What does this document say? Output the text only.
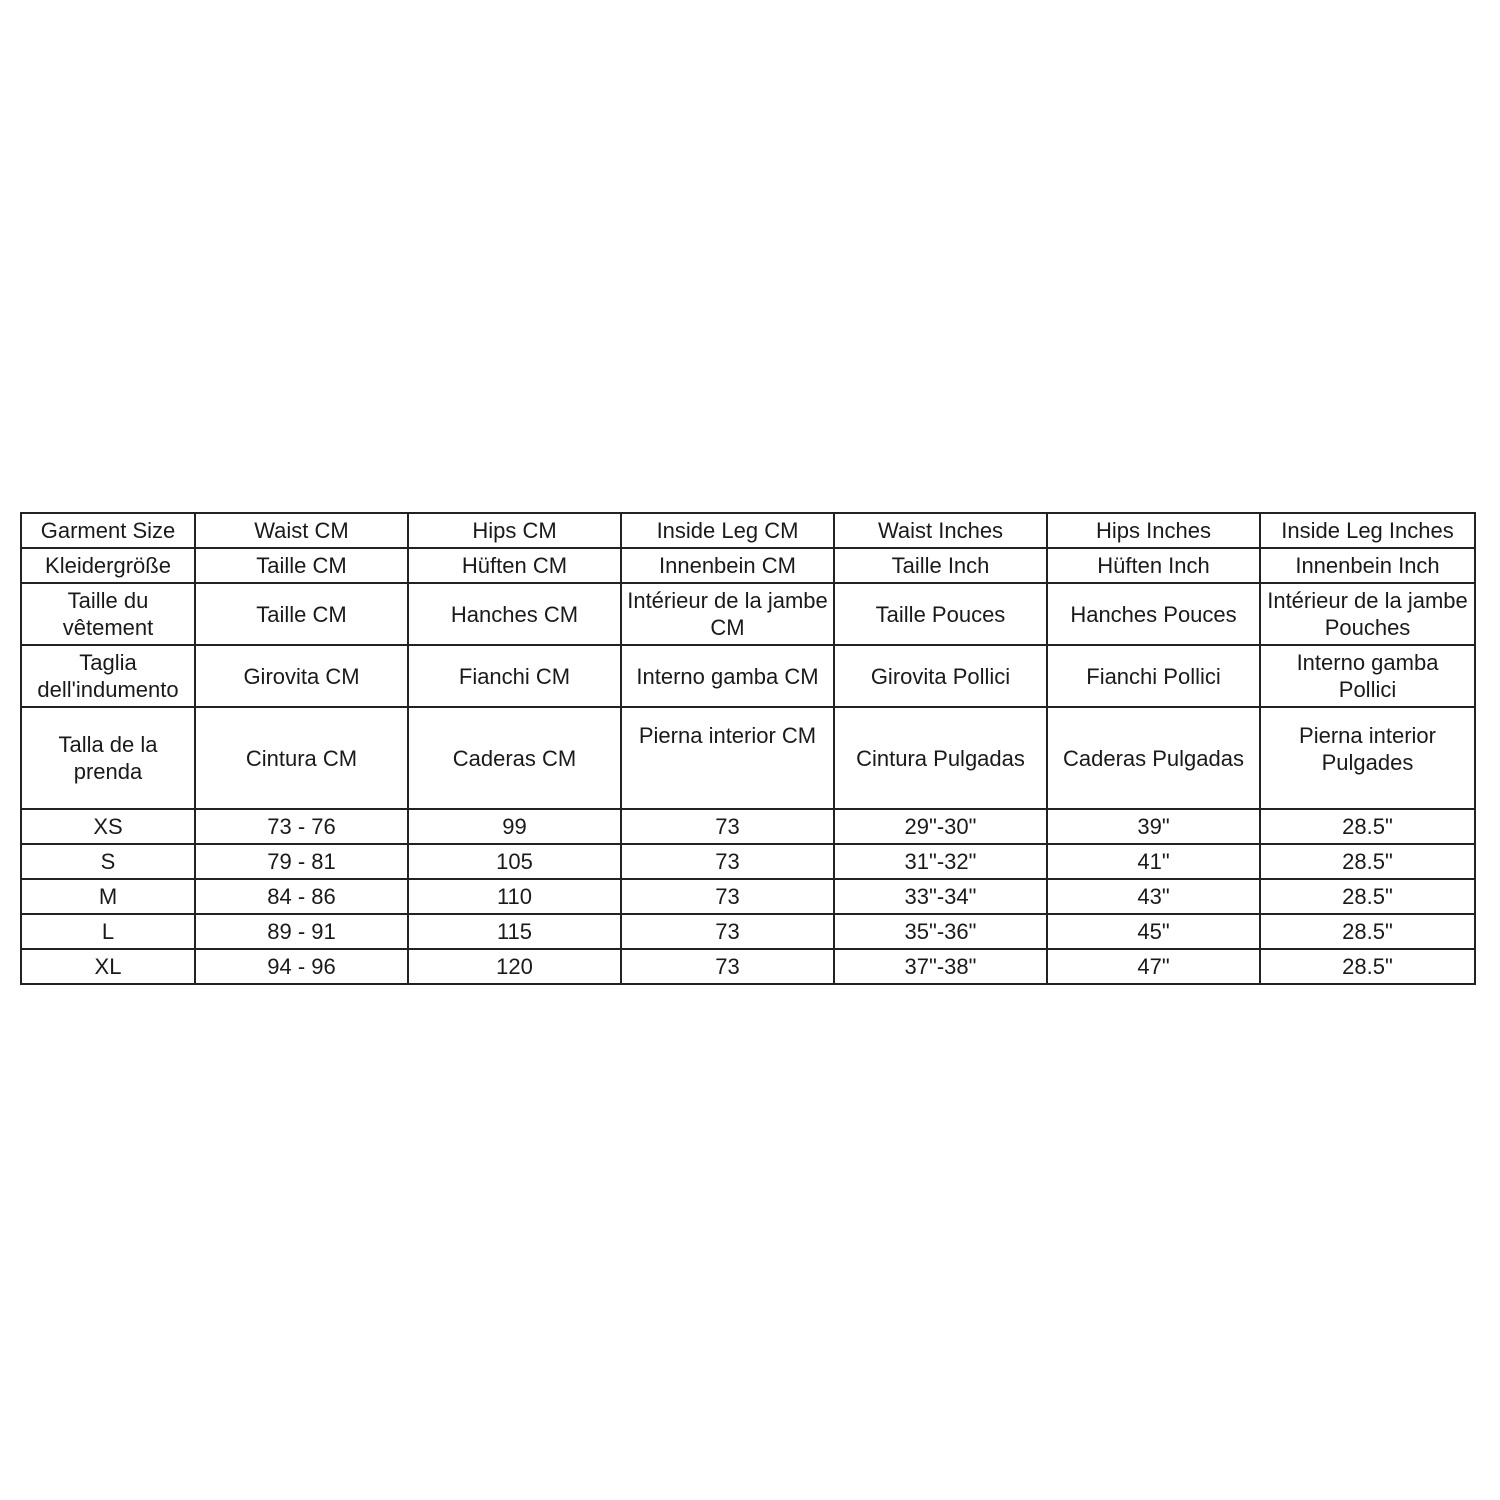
Garment Size	Waist CM	Hips CM	Inside Leg CM	Waist Inches	Hips Inches	Inside Leg Inches
Kleidergröße	Taille CM	Hüften CM	Innenbein CM	Taille Inch	Hüften Inch	Innenbein Inch
Taille du vêtement	Taille CM	Hanches CM	Intérieur de la jambe CM	Taille Pouces	Hanches Pouces	Intérieur de la jambe Pouches
Taglia dell'indumento	Girovita CM	Fianchi CM	Interno gamba CM	Girovita Pollici	Fianchi Pollici	Interno gamba Pollici
Talla de la prenda	Cintura CM	Caderas CM	Pierna interior CM	Cintura Pulgadas	Caderas Pulgadas	Pierna interior Pulgades
XS	73 - 76	99	73	29"-30"	39"	28.5"
S	79 - 81	105	73	31"-32"	41"	28.5"
M	84 - 86	110	73	33"-34"	43"	28.5"
L	89 - 91	115	73	35"-36"	45"	28.5"
XL	94 - 96	120	73	37"-38"	47"	28.5"
